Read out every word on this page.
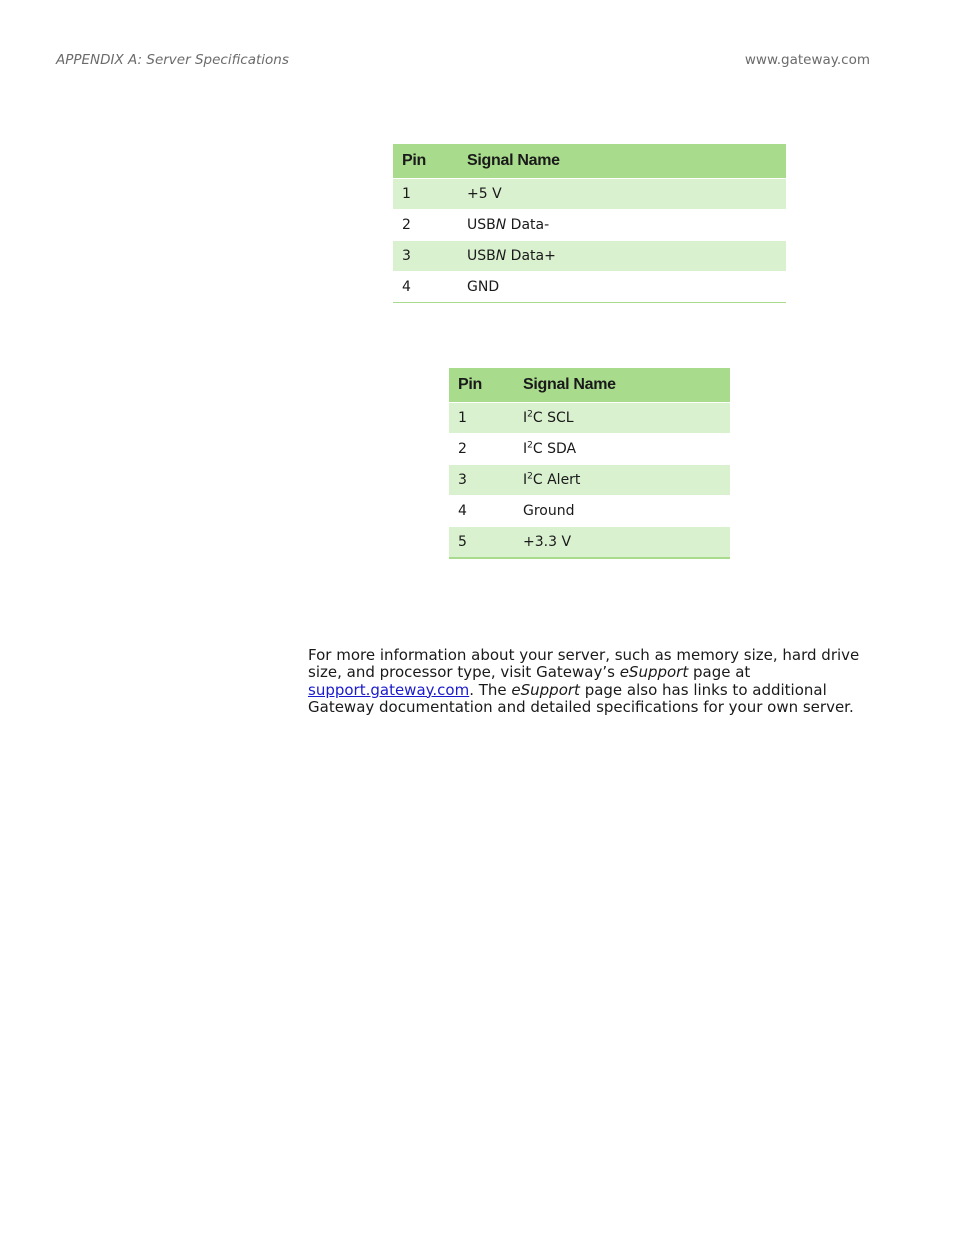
APPENDIX A: Server Specifications	www.gateway.com
Pin	Signal Name
1	+5 V
2	USBN Data-
3	USBN Data+
4	GND
Pin	Signal Name
1	$I^2C$ SCL
2	$I^2C$ SDA
3	$I^2C$ Alert
4	Ground
5	+3.3 V

For more information about your server, such as memory size, hard drive size, and processor type, visit Gateway’s eSupport page at support.gateway.com. The eSupport page also has links to additional Gateway documentation and detailed specifications for your own server.
